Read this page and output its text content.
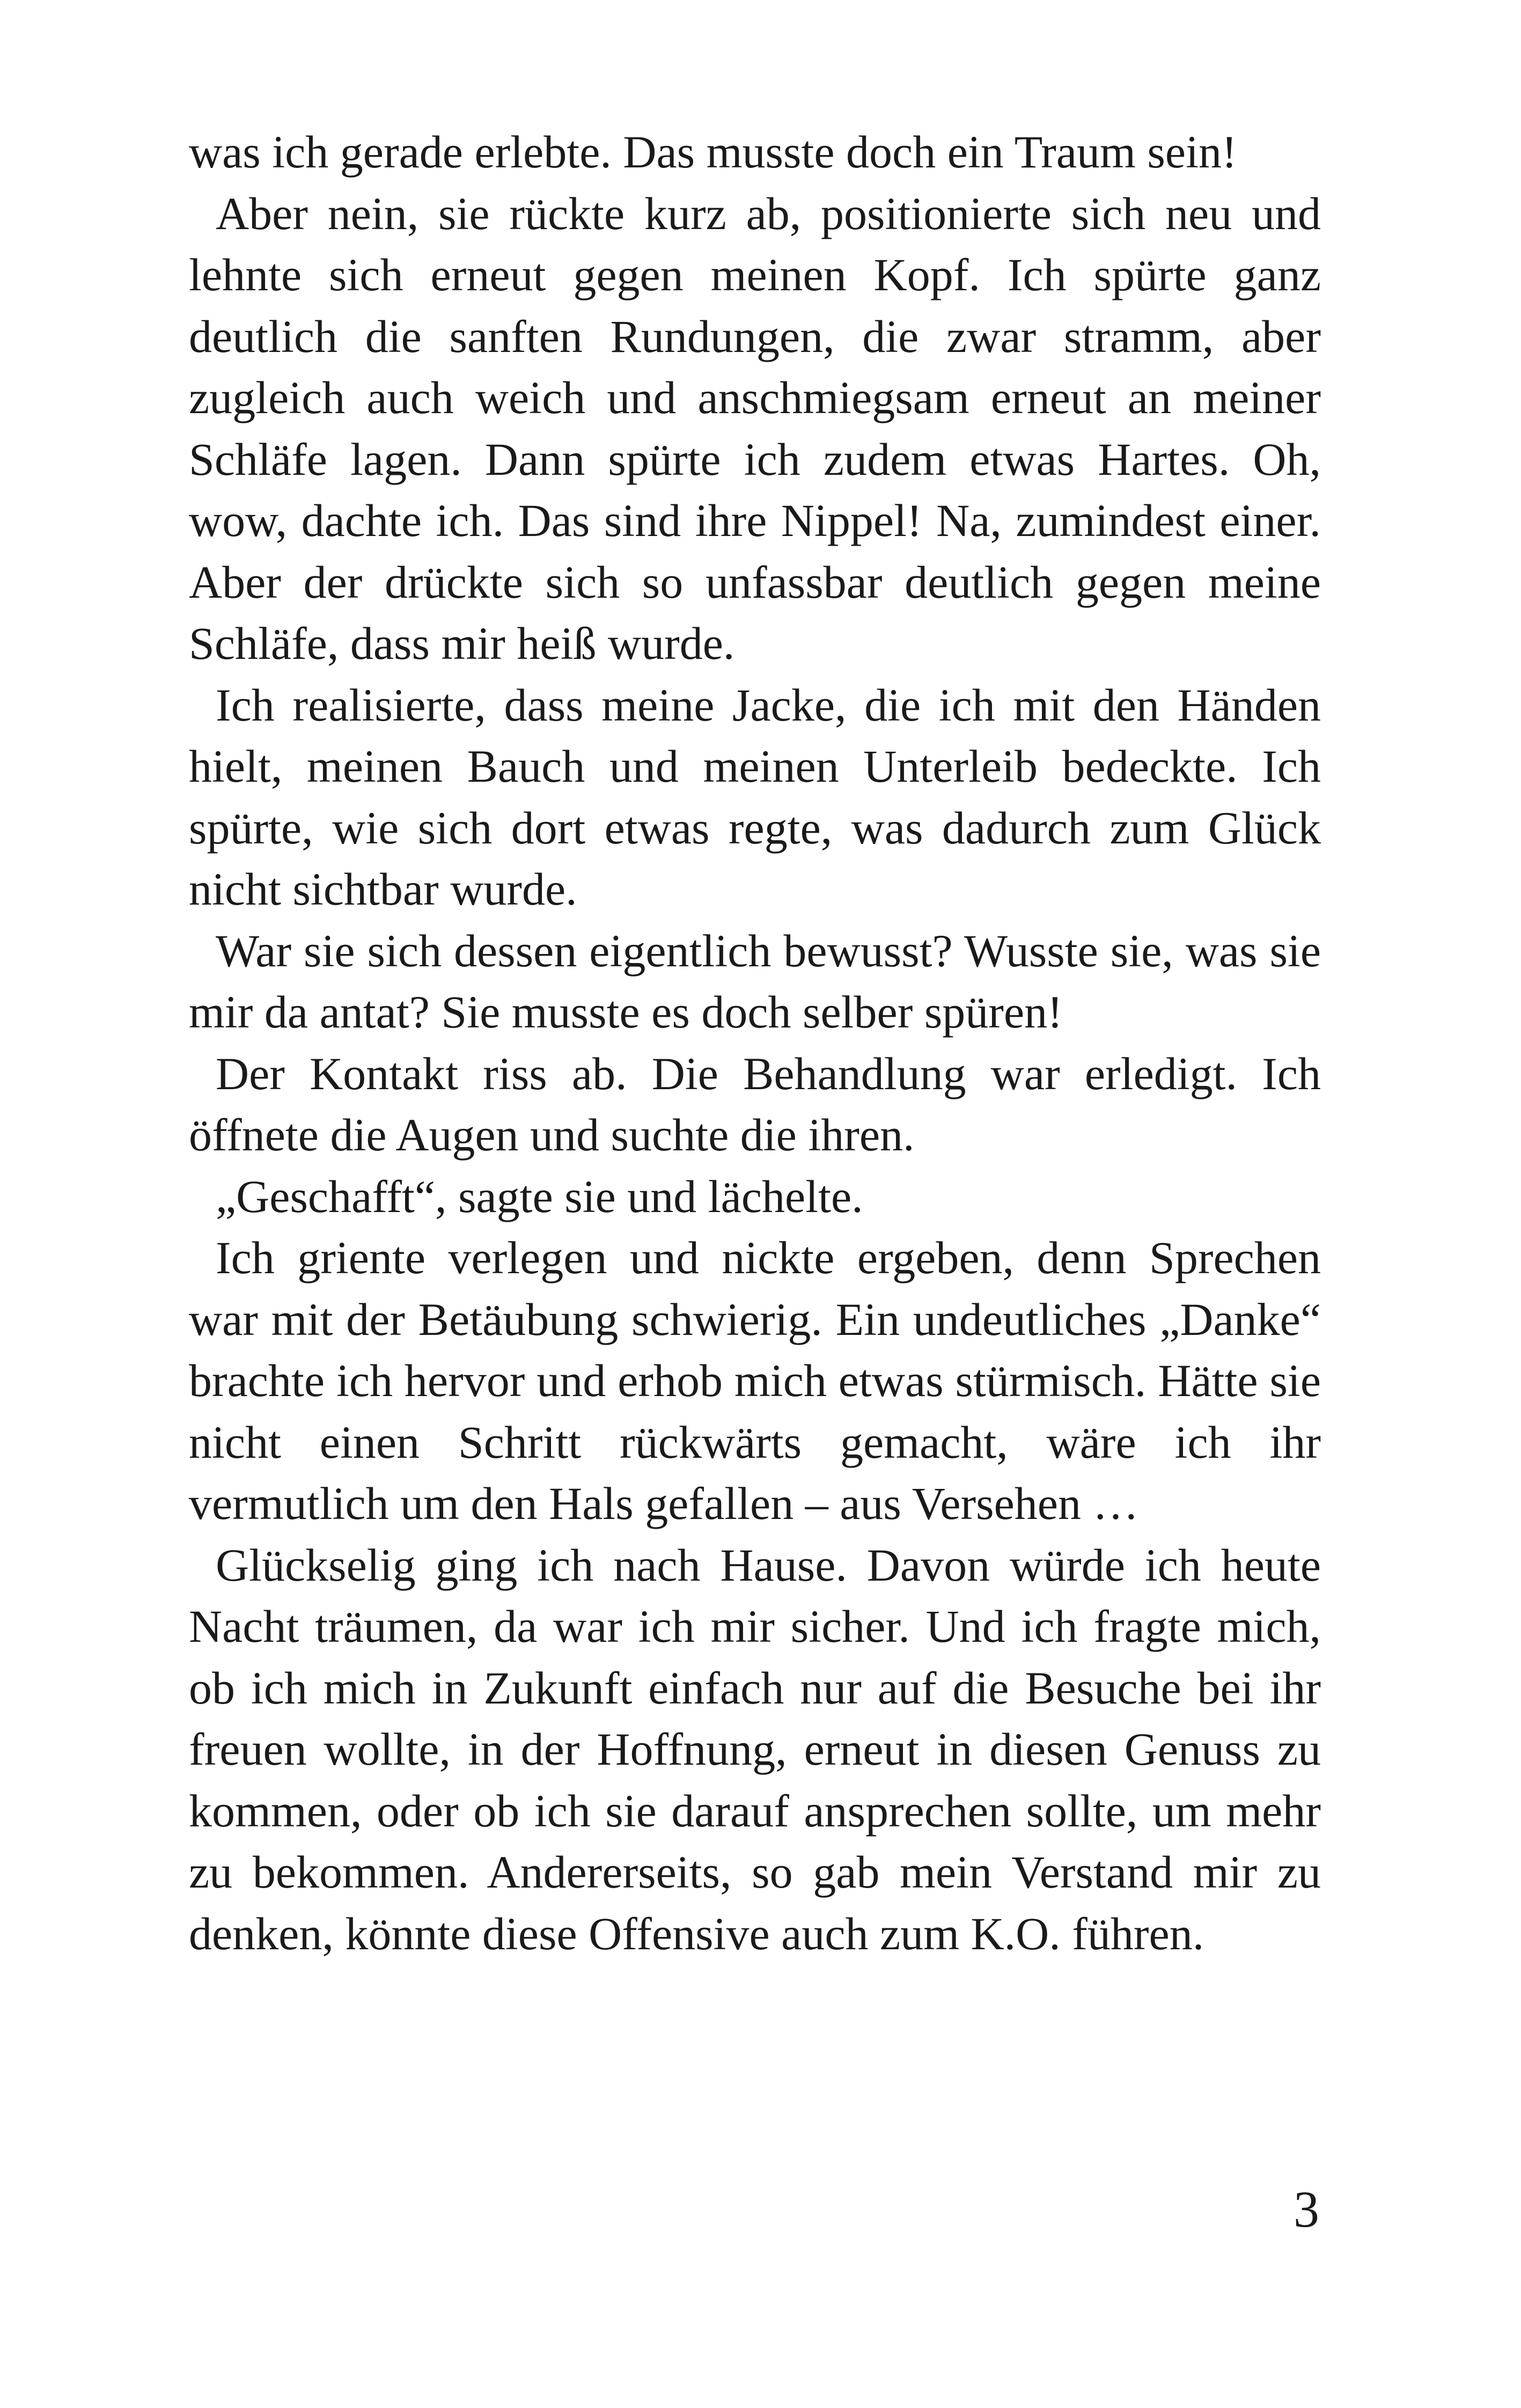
was ich gerade erlebte. Das musste doch ein Traum sein!

Aber nein, sie rückte kurz ab, positionierte sich neu und lehnte sich erneut gegen meinen Kopf. Ich spürte ganz deutlich die sanften Rundungen, die zwar stramm, aber zugleich auch weich und anschmiegsam erneut an meiner Schläfe lagen. Dann spürte ich zudem etwas Hartes. Oh, wow, dachte ich. Das sind ihre Nippel! Na, zumindest einer. Aber der drückte sich so unfassbar deutlich gegen meine Schläfe, dass mir heiß wurde.

Ich realisierte, dass meine Jacke, die ich mit den Händen hielt, meinen Bauch und meinen Unterleib bedeckte. Ich spürte, wie sich dort etwas regte, was dadurch zum Glück nicht sichtbar wurde.

War sie sich dessen eigentlich bewusst? Wusste sie, was sie mir da antat? Sie musste es doch selber spüren!

Der Kontakt riss ab. Die Behandlung war erledigt. Ich öffnete die Augen und suchte die ihren.

„Geschafft“, sagte sie und lächelte.

Ich griente verlegen und nickte ergeben, denn Sprechen war mit der Betäubung schwierig. Ein undeutliches „Danke“ brachte ich hervor und erhob mich etwas stürmisch. Hätte sie nicht einen Schritt rückwärts gemacht, wäre ich ihr vermutlich um den Hals gefallen – aus Versehen …

Glückselig ging ich nach Hause. Davon würde ich heute Nacht träumen, da war ich mir sicher. Und ich fragte mich, ob ich mich in Zukunft einfach nur auf die Besuche bei ihr freuen wollte, in der Hoffnung, erneut in diesen Genuss zu kommen, oder ob ich sie darauf ansprechen sollte, um mehr zu bekommen. Andererseits, so gab mein Verstand mir zu denken, könnte diese Offensive auch zum K.O. führen.

3
